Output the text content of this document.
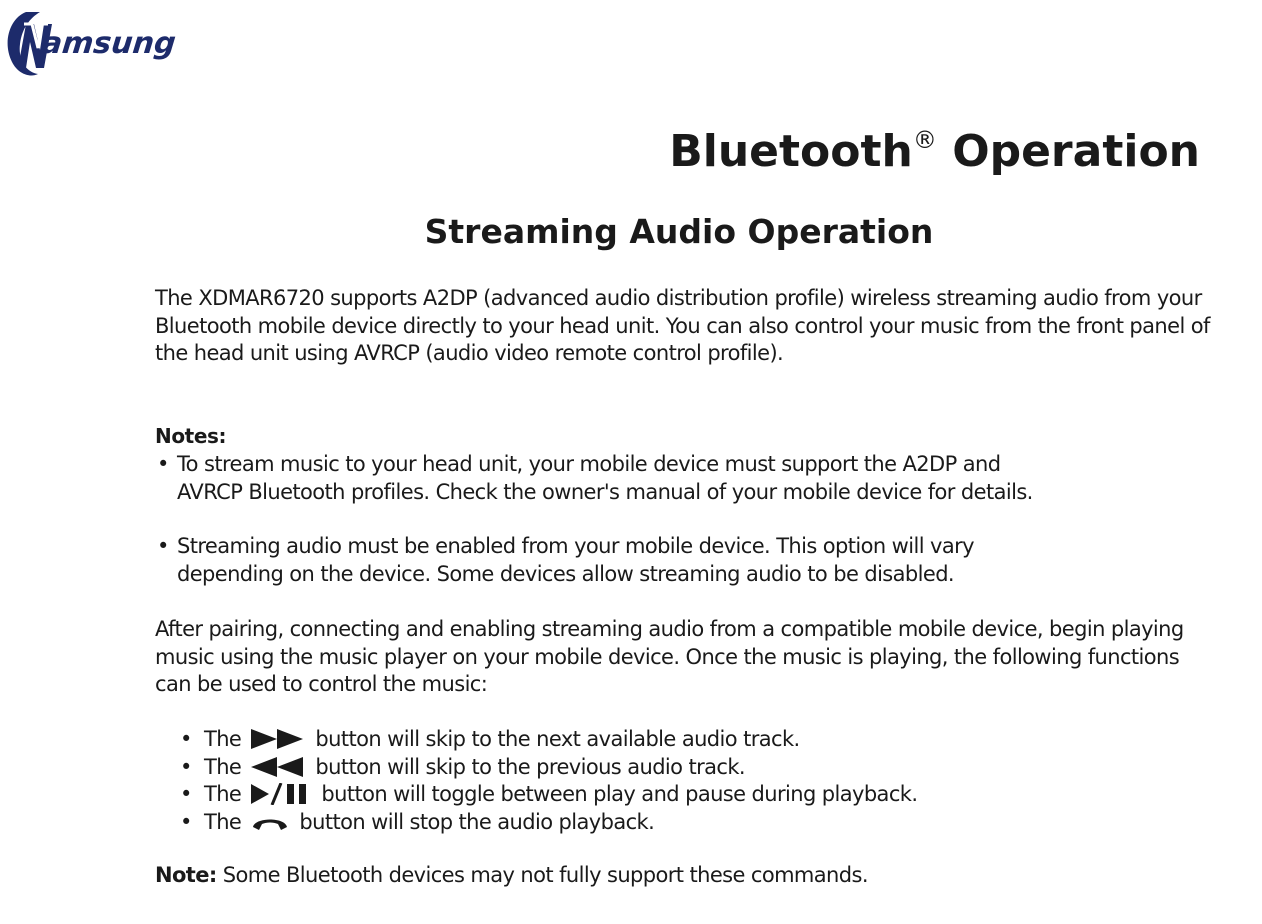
amsung
Bluetooth® Operation
Streaming Audio Operation
The XDMAR6720 supports A2DP (advanced audio distribution profile) wireless streaming audio from your Bluetooth mobile device directly to your head unit. You can also control your music from the front panel of the head unit using AVRCP (audio video remote control profile).
Notes:
• To stream music to your head unit, your mobile device must support the A2DP and
AVRCP Bluetooth profiles. Check the owner's manual of your mobile device for details.
• Streaming audio must be enabled from your mobile device. This option will vary
depending on the device. Some devices allow streaming audio to be disabled.
After pairing, connecting and enabling streaming audio from a compatible mobile device, begin playing music using the music player on your mobile device. Once the music is playing, the following functions can be used to control the music:
• The	button will skip to the next available audio track.
• The	button will skip to the previous audio track.
• The	button will toggle between play and pause during playback.
• The	button will stop the audio playback.
Note: Some Bluetooth devices may not fully support these commands.
